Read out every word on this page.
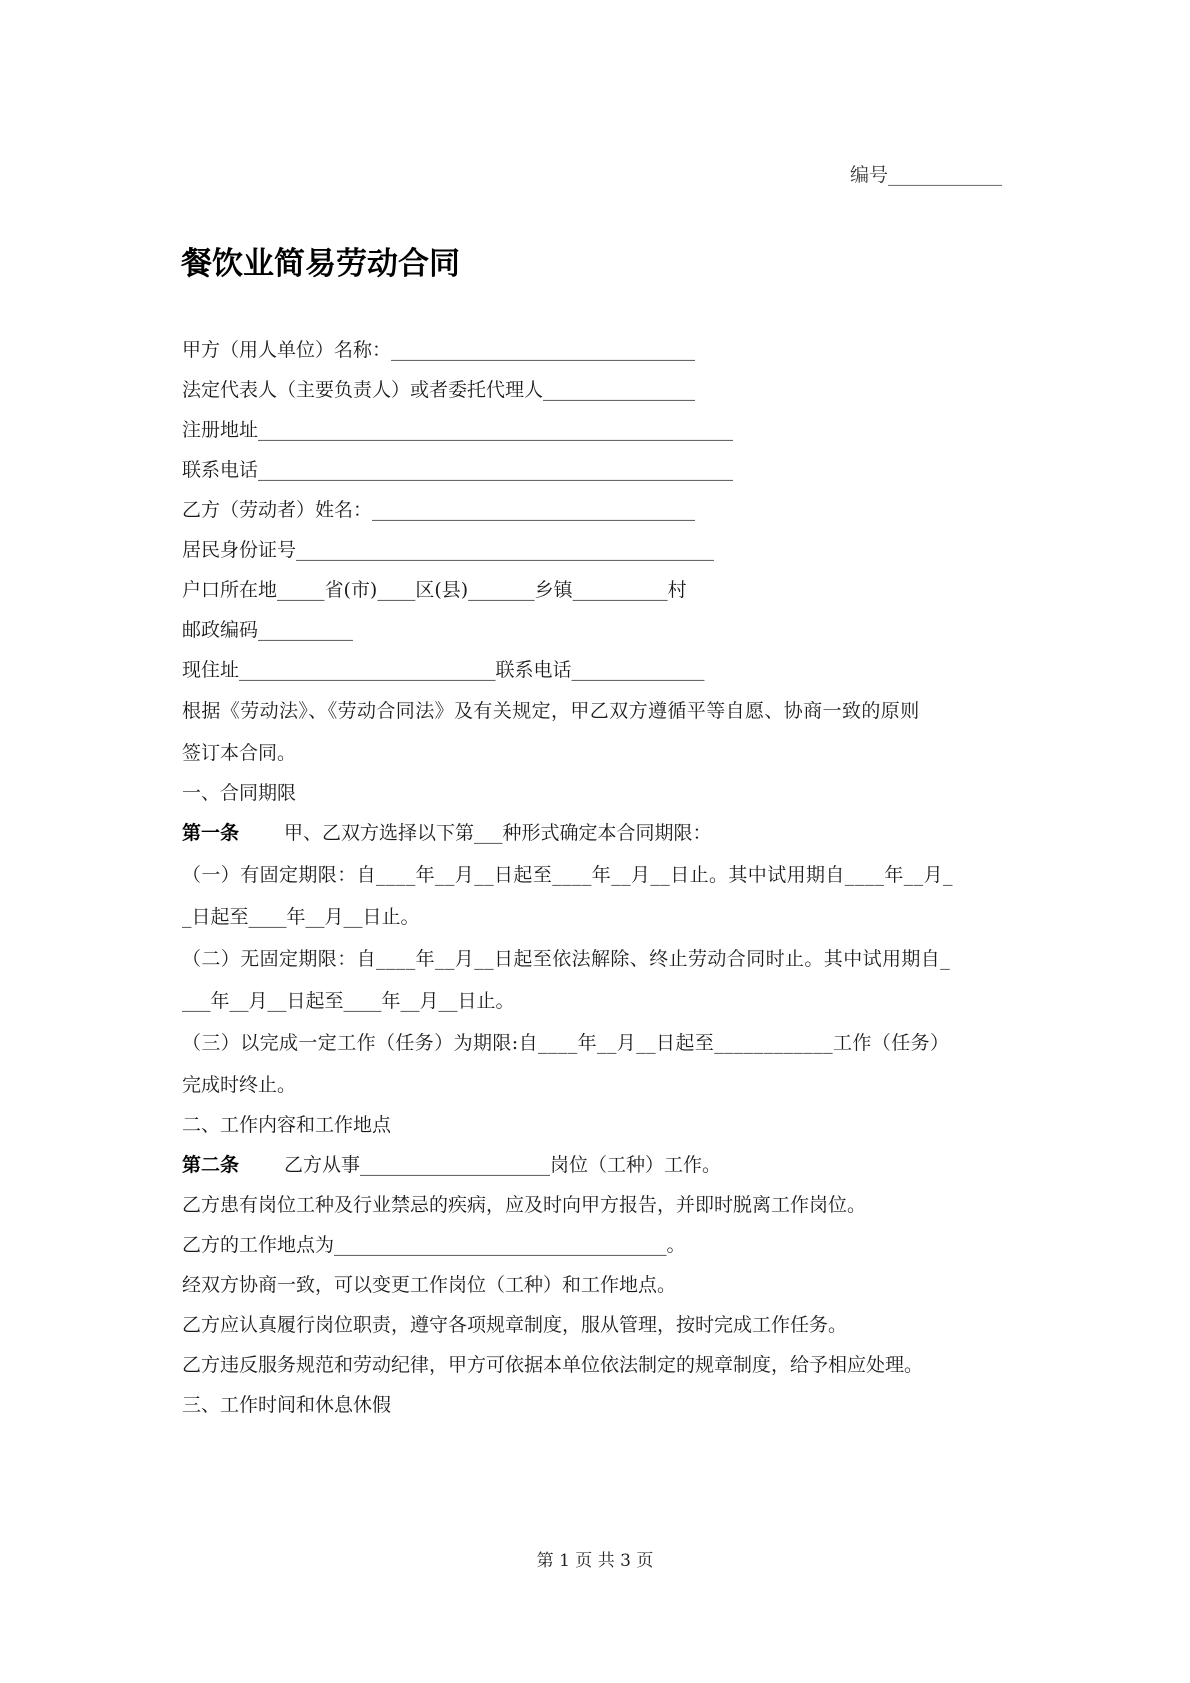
编号____________
餐饮业简易劳动合同
甲方（用人单位）名称：________________________________
法定代表人（主要负责人）或者委托代理人________________
注册地址__________________________________________________
联系电话__________________________________________________
乙方（劳动者）姓名：__________________________________
居民身份证号____________________________________________
户口所在地_____省(市)____区(县)_______乡镇__________村
邮政编码__________
现住址___________________________联系电话______________
根据《劳动法》、《劳动合同法》及有关规定，甲乙双方遵循平等自愿、协商一致的原则
签订本合同。
一、合同期限
第一条 甲、乙双方选择以下第___种形式确定本合同期限：
（一）有固定期限：自____年__月__日起至____年__月__日止。其中试用期自____年__月_
_日起至____年__月__日止。
（二）无固定期限：自____年__月__日起至依法解除、终止劳动合同时止。其中试用期自_
___年__月__日起至____年__月__日止。
（三）以完成一定工作（任务）为期限:自____年__月__日起至____________工作（任务）
完成时终止。
二、工作内容和工作地点
第二条 乙方从事____________________岗位（工种）工作。
乙方患有岗位工种及行业禁忌的疾病，应及时向甲方报告，并即时脱离工作岗位。
乙方的工作地点为___________________________________。
经双方协商一致，可以变更工作岗位（工种）和工作地点。
乙方应认真履行岗位职责，遵守各项规章制度，服从管理，按时完成工作任务。
乙方违反服务规范和劳动纪律，甲方可依据本单位依法制定的规章制度，给予相应处理。
三、工作时间和休息休假
第 1 页 共 3 页
